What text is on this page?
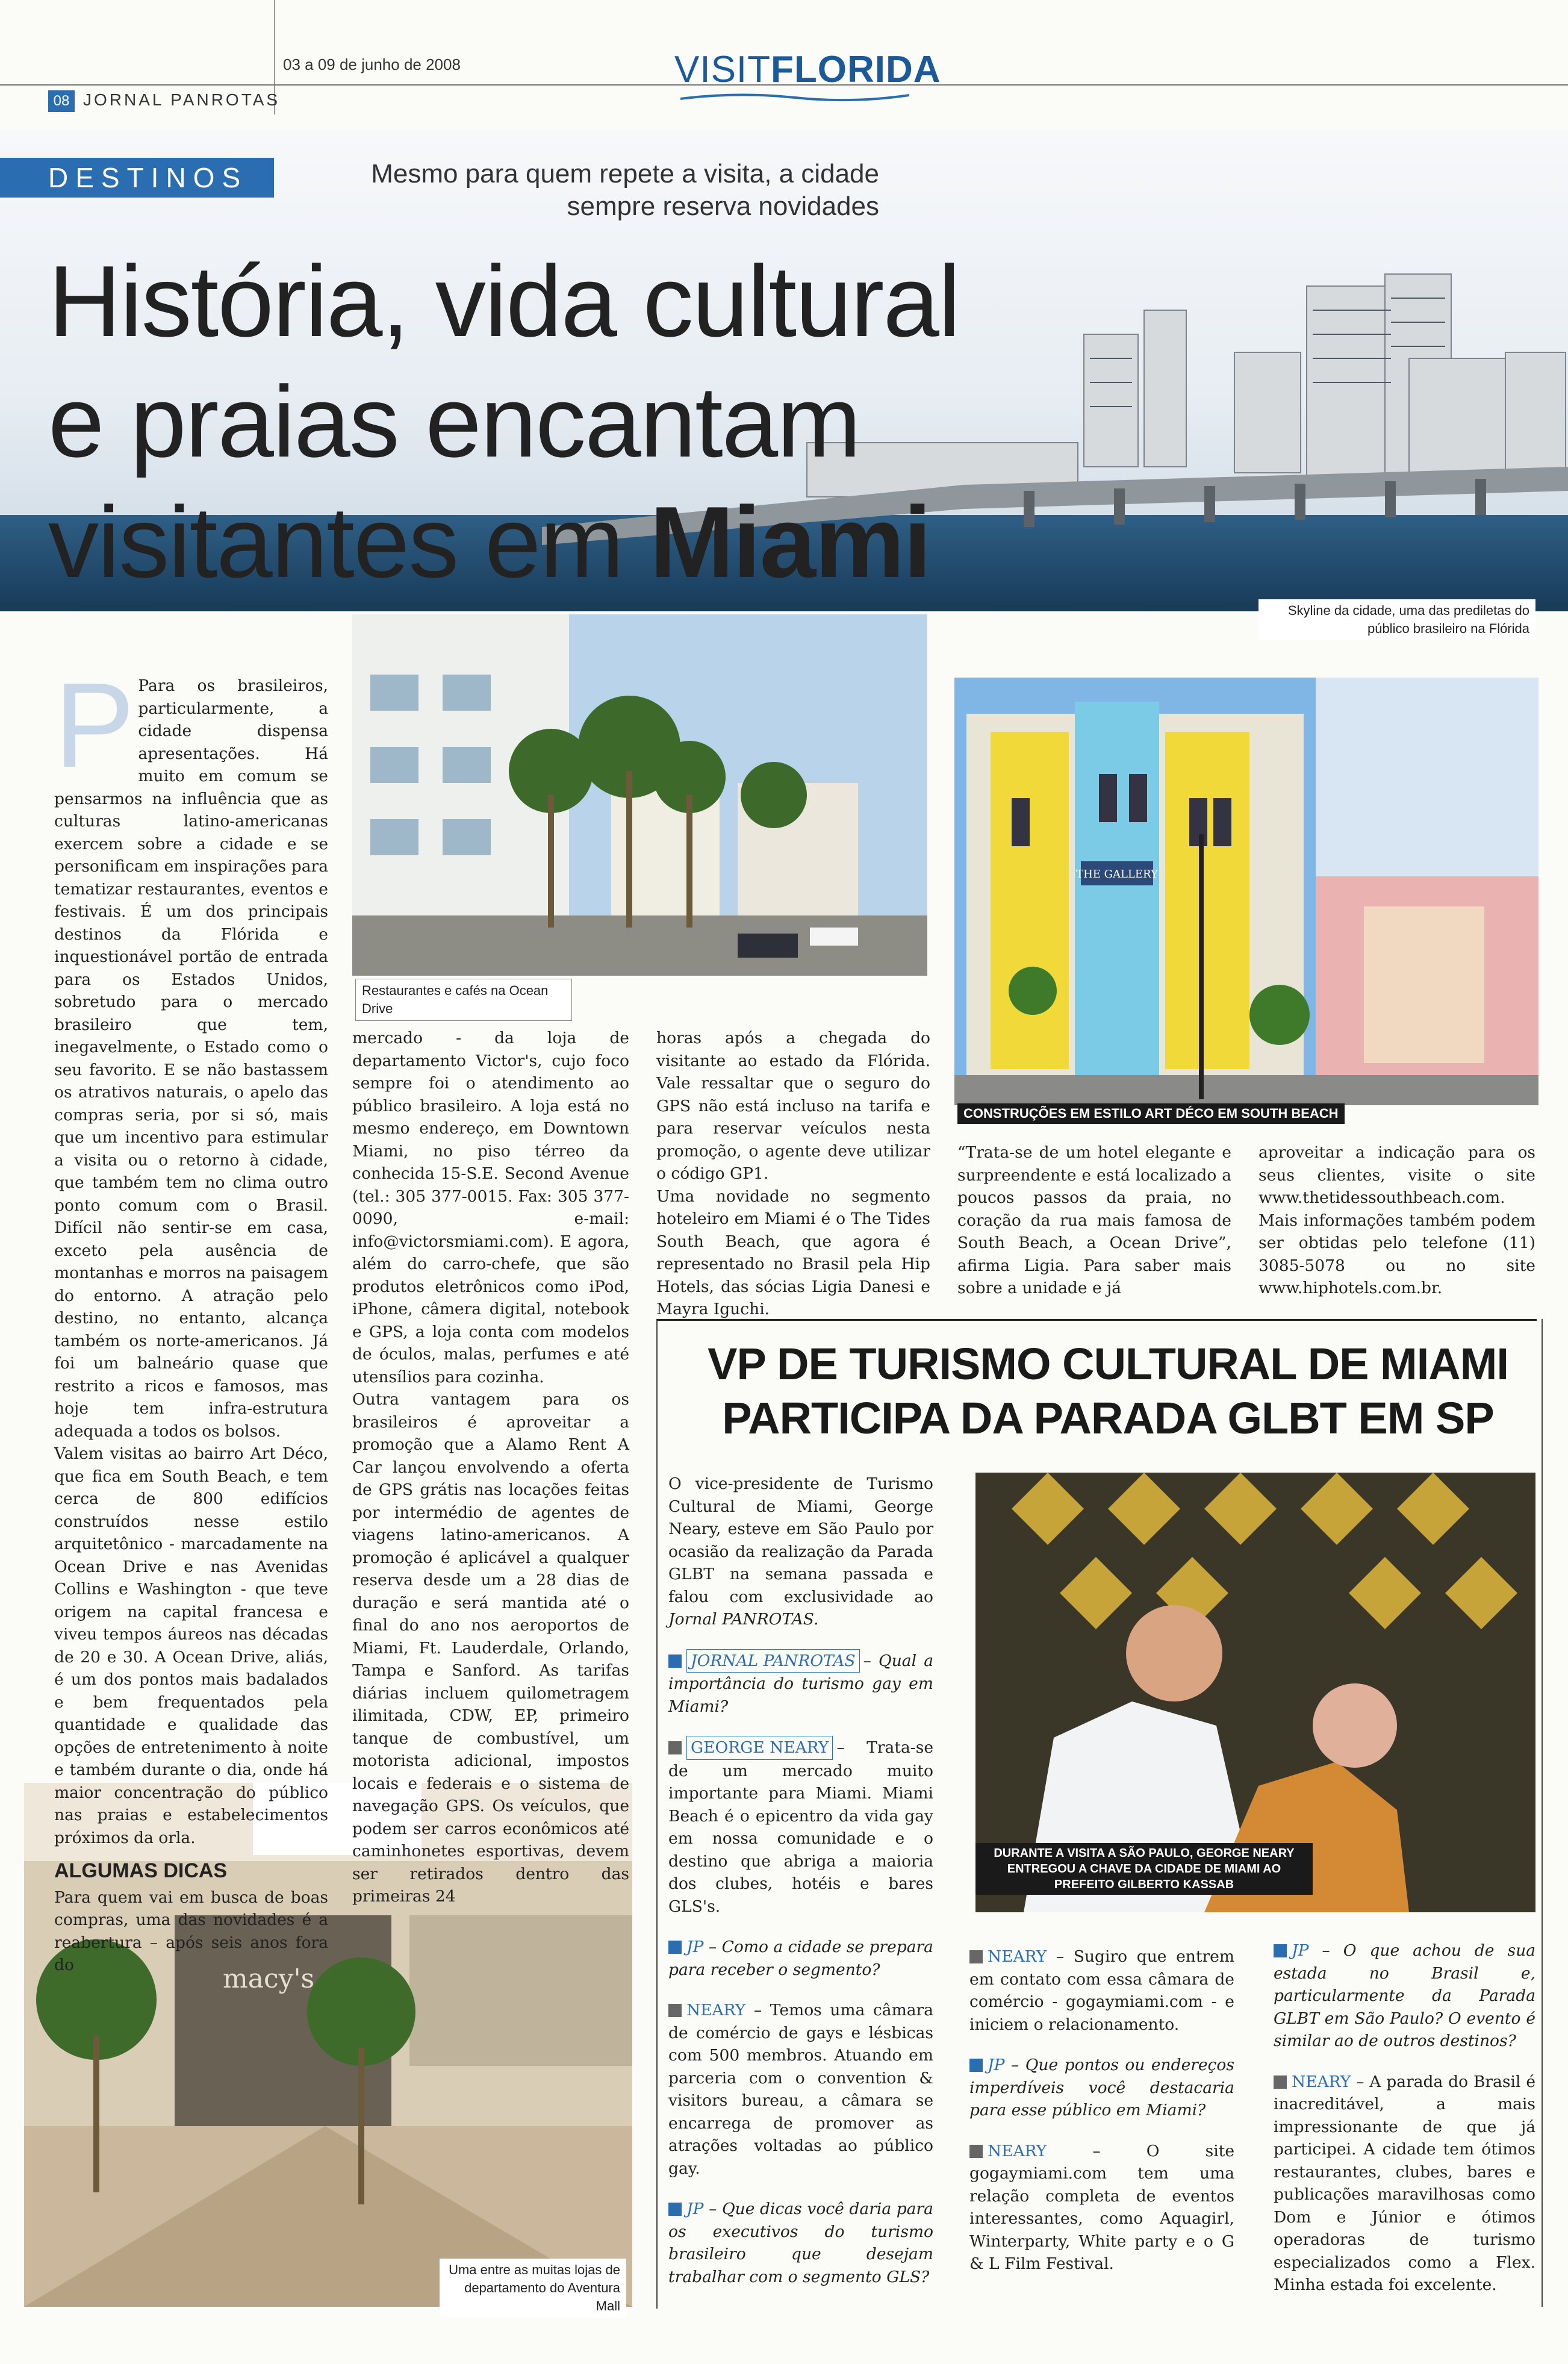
03 a 09 de junho de 2008
08 JORNAL PANROTAS
VISITFLORIDA
DESTINOS	Mesmo para quem repete a visita, a cidade sempre reserva novidades
História, vida cultural
e praias encantam
visitantes em Miami
Skyline da cidade, uma das prediletas do público brasileiro na Flórida
Restaurantes e cafés na Ocean Drive
THE GALLERY
CONSTRUÇÕES EM ESTILO ART DÉCO EM SOUTH BEACH
macy's
Uma entre as muitas lojas de departamento do Aventura Mall
DURANTE A VISITA A SÃO PAULO, GEORGE NEARY ENTREGOU A CHAVE DA CIDADE DE MIAMI AO PREFEITO GILBERTO KASSAB
P Para os brasileiros, particularmente, a cidade dispensa apresentações. Há muito em comum se pensarmos na influência que as culturas latino-americanas exercem sobre a cidade e se personificam em inspirações para tematizar restaurantes, eventos e festivais. É um dos principais destinos da Flórida e inquestionável portão de entrada para os Estados Unidos, sobretudo para o mercado brasileiro que tem, inegavelmente, o Estado como o seu favorito. E se não bastassem os atrativos naturais, o apelo das compras seria, por si só, mais que um incentivo para estimular a visita ou o retorno à cidade, que também tem no clima outro ponto comum com o Brasil. Difícil não sentir-se em casa, exceto pela ausência de montanhas e morros na paisagem do entorno. A atração pelo destino, no entanto, alcança também os norte-americanos. Já foi um balneário quase que restrito a ricos e famosos, mas hoje tem infra-estrutura adequada a todos os bolsos.

Valem visitas ao bairro Art Déco, que fica em South Beach, e tem cerca de 800 edifícios construídos nesse estilo arquitetônico - marcadamente na Ocean Drive e nas Avenidas Collins e Washington - que teve origem na capital francesa e viveu tempos áureos nas décadas de 20 e 30. A Ocean Drive, aliás, é um dos pontos mais badalados e bem frequentados pela quantidade e qualidade das opções de entretenimento à noite e também durante o dia, onde há maior concentração do público nas praias e estabelecimentos próximos da orla.

ALGUMAS DICAS

Para quem vai em busca de boas compras, uma das novidades é a reabertura – após seis anos fora do

mercado - da loja de departamento Victor's, cujo foco sempre foi o atendimento ao público brasileiro. A loja está no mesmo endereço, em Downtown Miami, no piso térreo da conhecida 15-S.E. Second Avenue (tel.: 305 377-0015. Fax: 305 377-0090, e-mail: info@victorsmiami.com). E agora, além do carro-chefe, que são produtos eletrônicos como iPod, iPhone, câmera digital, notebook e GPS, a loja conta com modelos de óculos, malas, perfumes e até utensílios para cozinha.

Outra vantagem para os brasileiros é aproveitar a promoção que a Alamo Rent A Car lançou envolvendo a oferta de GPS grátis nas locações feitas por intermédio de agentes de viagens latino-americanos. A promoção é aplicável a qualquer reserva desde um a 28 dias de duração e será mantida até o final do ano nos aeroportos de Miami, Ft. Lauderdale, Orlando, Tampa e Sanford. As tarifas diárias incluem quilometragem ilimitada, CDW, EP, primeiro tanque de combustível, um motorista adicional, impostos locais e federais e o sistema de navegação GPS. Os veículos, que podem ser carros econômicos até caminhonetes esportivas, devem ser retirados dentro das primeiras 24

horas após a chegada do visitante ao estado da Flórida. Vale ressaltar que o seguro do GPS não está incluso na tarifa e para reservar veículos nesta promoção, o agente deve utilizar o código GP1.

Uma novidade no segmento hoteleiro em Miami é o The Tides South Beach, que agora é representado no Brasil pela Hip Hotels, das sócias Ligia Danesi e Mayra Iguchi.

“Trata-se de um hotel elegante e surpreendente e está localizado a poucos passos da praia, no coração da rua mais famosa de South Beach, a Ocean Drive”, afirma Ligia. Para saber mais sobre a unidade e já

aproveitar a indicação para os seus clientes, visite o site www.thetidessouthbeach.com. Mais informações também podem ser obtidas pelo telefone (11) 3085-5078 ou no site www.hiphotels.com.br.

VP DE TURISMO CULTURAL DE MIAMI
PARTICIPA DA PARADA GLBT EM SP

O vice-presidente de Turismo Cultural de Miami, George Neary, esteve em São Paulo por ocasião da realização da Parada GLBT na semana passada e falou com exclusividade ao Jornal PANROTAS.

JORNAL PANROTAS – Qual a importância do turismo gay em Miami?

GEORGE NEARY – Trata-se de um mercado muito importante para Miami. Miami Beach é o epicentro da vida gay em nossa comunidade e o destino que abriga a maioria dos clubes, hotéis e bares GLS's.

JP – Como a cidade se prepara para receber o segmento?

NEARY – Temos uma câmara de comércio de gays e lésbicas com 500 membros. Atuando em parceria com o convention & visitors bureau, a câmara se encarrega de promover as atrações voltadas ao público gay.

JP – Que dicas você daria para os executivos do turismo brasileiro que desejam trabalhar com o segmento GLS?

NEARY – Sugiro que entrem em contato com essa câmara de comércio - gogaymiami.com - e iniciem o relacionamento.

JP – Que pontos ou endereços imperdíveis você destacaria para esse público em Miami?

NEARY – O site gogaymiami.com tem uma relação completa de eventos interessantes, como Aquagirl, Winterparty, White party e o G & L Film Festival.

JP – O que achou de sua estada no Brasil e, particularmente da Parada GLBT em São Paulo? O evento é similar ao de outros destinos?

NEARY – A parada do Brasil é inacreditável, a mais impressionante de que já participei. A cidade tem ótimos restaurantes, clubes, bares e publicações maravilhosas como Dom e Júnior e ótimos operadoras de turismo especializados como a Flex. Minha estada foi excelente.
